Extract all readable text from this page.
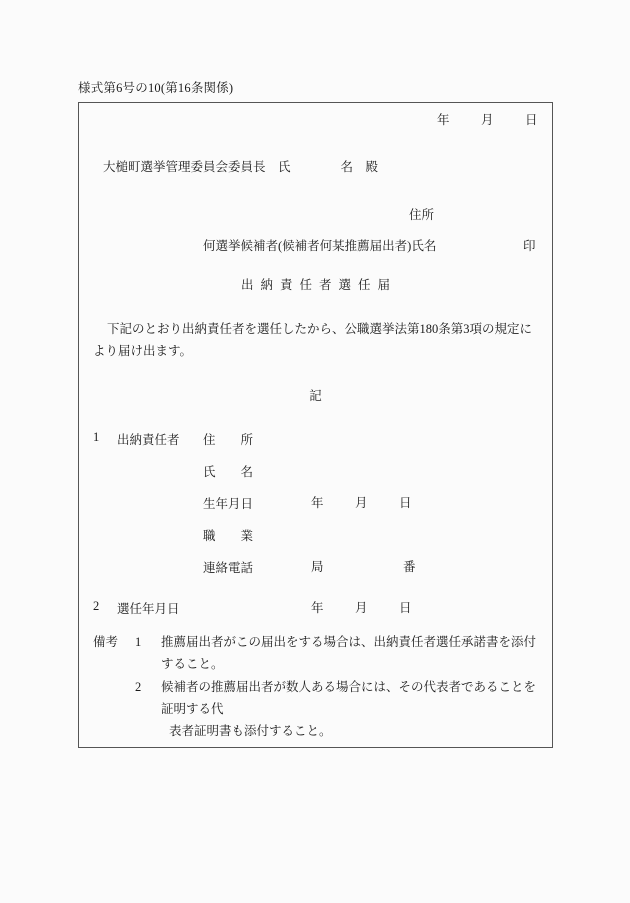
様式第6号の10(第16条関係)
年	月	日
大槌町選挙管理委員会委員長　氏　　　　名　殿
住所
何選挙候補者(候補者何某推薦届出者)氏名	印
出納責任者選任届
下記のとおり出納責任者を選任したから、公職選挙法第180条第3項の規定により届け出ます。
記
1 出納責任者 住　　所
氏　　名
生年月日	年	月	日
職　　業
連絡電話	局	番
2 選任年月日	年	月	日
備考	1	推薦届出者がこの届出をする場合は、出納責任者選任承諾書を添付すること。
2	候補者の推薦届出者が数人ある場合には、その代表者であることを証明する代
表者証明書も添付すること。
